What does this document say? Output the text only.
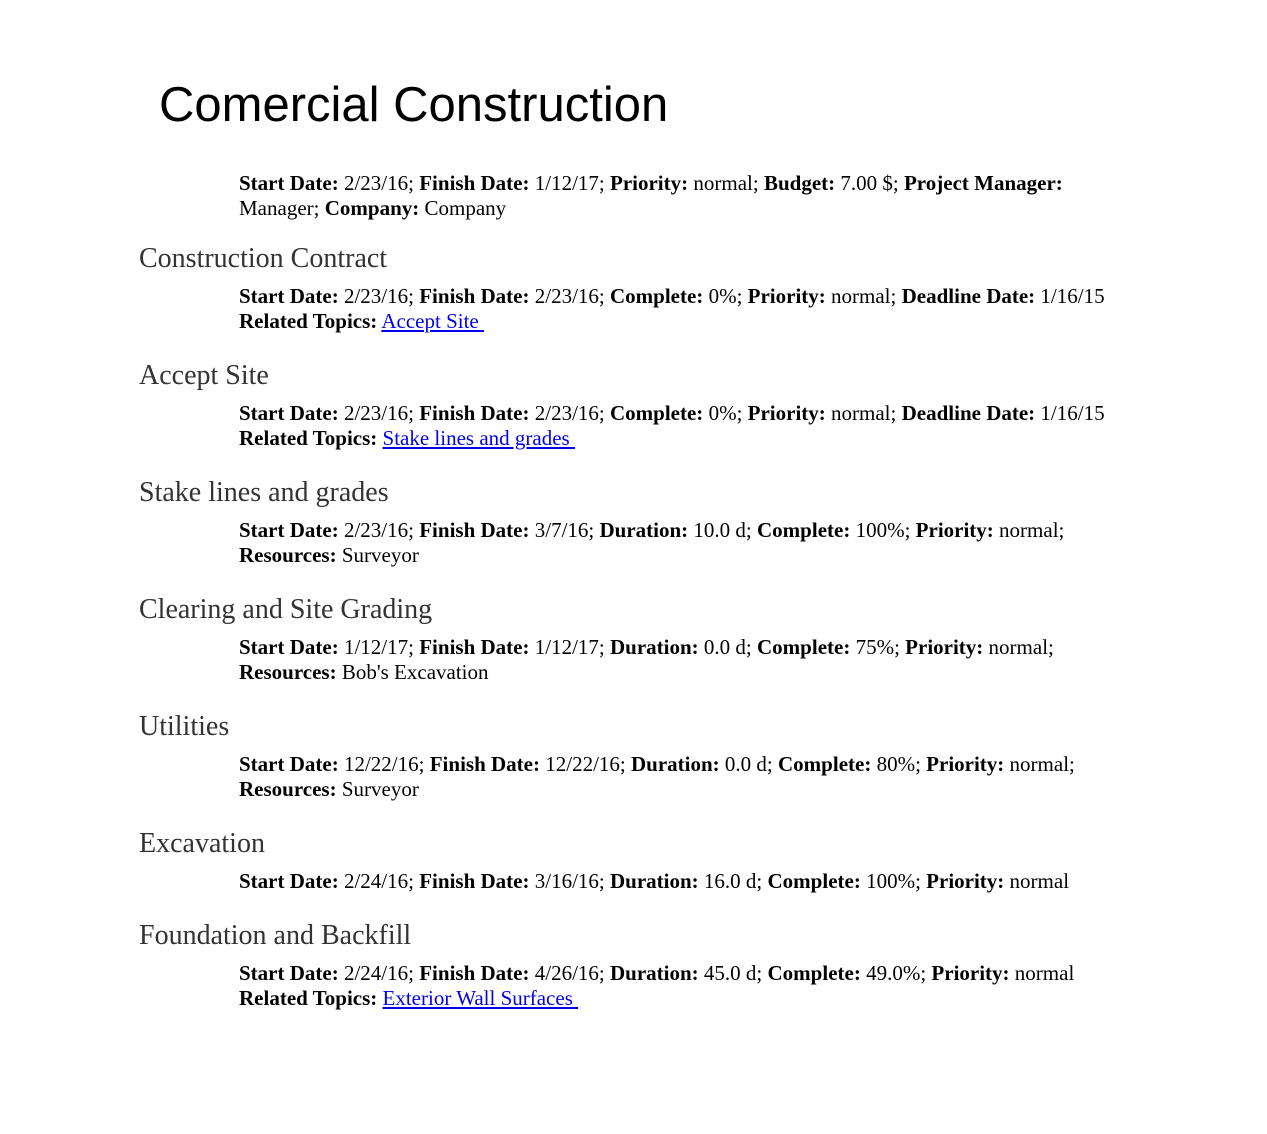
Comercial Construction
Start Date: 2/23/16; Finish Date: 1/12/17; Priority: normal; Budget: 7.00 $; Project Manager: Manager; Company: Company
Construction Contract
Start Date: 2/23/16; Finish Date: 2/23/16; Complete: 0%; Priority: normal; Deadline Date: 1/16/15
Related Topics: Accept Site
Accept Site
Start Date: 2/23/16; Finish Date: 2/23/16; Complete: 0%; Priority: normal; Deadline Date: 1/16/15
Related Topics: Stake lines and grades
Stake lines and grades
Start Date: 2/23/16; Finish Date: 3/7/16; Duration: 10.0 d; Complete: 100%; Priority: normal; Resources: Surveyor
Clearing and Site Grading
Start Date: 1/12/17; Finish Date: 1/12/17; Duration: 0.0 d; Complete: 75%; Priority: normal; Resources: Bob's Excavation
Utilities
Start Date: 12/22/16; Finish Date: 12/22/16; Duration: 0.0 d; Complete: 80%; Priority: normal; Resources: Surveyor
Excavation
Start Date: 2/24/16; Finish Date: 3/16/16; Duration: 16.0 d; Complete: 100%; Priority: normal
Foundation and Backfill
Start Date: 2/24/16; Finish Date: 4/26/16; Duration: 45.0 d; Complete: 49.0%; Priority: normal
Related Topics: Exterior Wall Surfaces
